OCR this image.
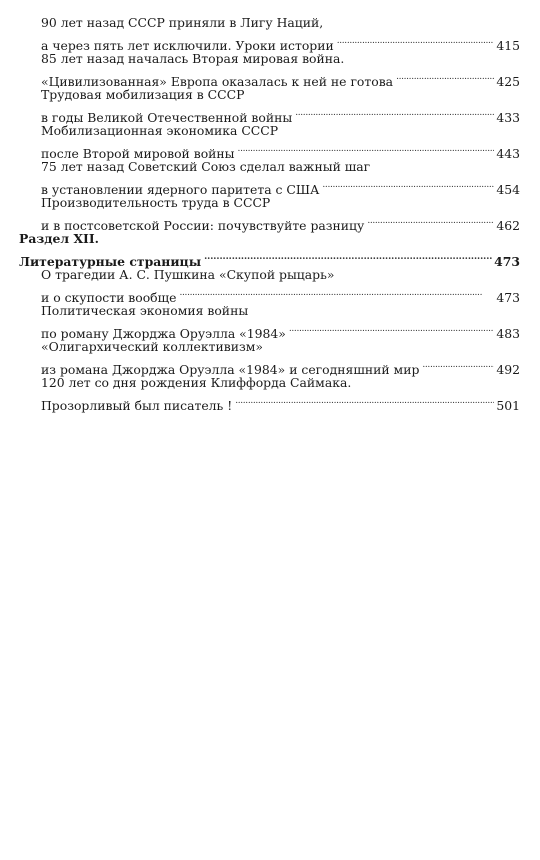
90 лет назад СССР приняли в Лигу Наций,
а через пять лет исключили. Уроки истории . . .	415
85 лет назад началась Вторая мировая война.
«Цивилизованная» Европа оказалась к ней не готова . . .	425
Трудовая мобилизация в СССР
в годы Великой Отечественной войны . . .	433
Мобилизационная экономика СССР
после Второй мировой войны . . .	443
75 лет назад Советский Союз сделал важный шаг
в установлении ядерного паритета с США . . .	454
Производительность труда в СССР
и в постсоветской России: почувствуйте разницу . . .	462
Раздел XII.
Литературные страницы . . .	473
О трагедии А. С. Пушкина «Скупой рыцарь»
и о скупости вообще . . .	473
Политическая экономия войны
по роману Джорджа Оруэлла «1984» . . .	483
«Олигархический коллективизм»
из романа Джорджа Оруэлла «1984» и сегодняшний мир . . .	492
120 лет со дня рождения Клиффорда Саймака.
Прозорливый был писатель ! . . .	501
